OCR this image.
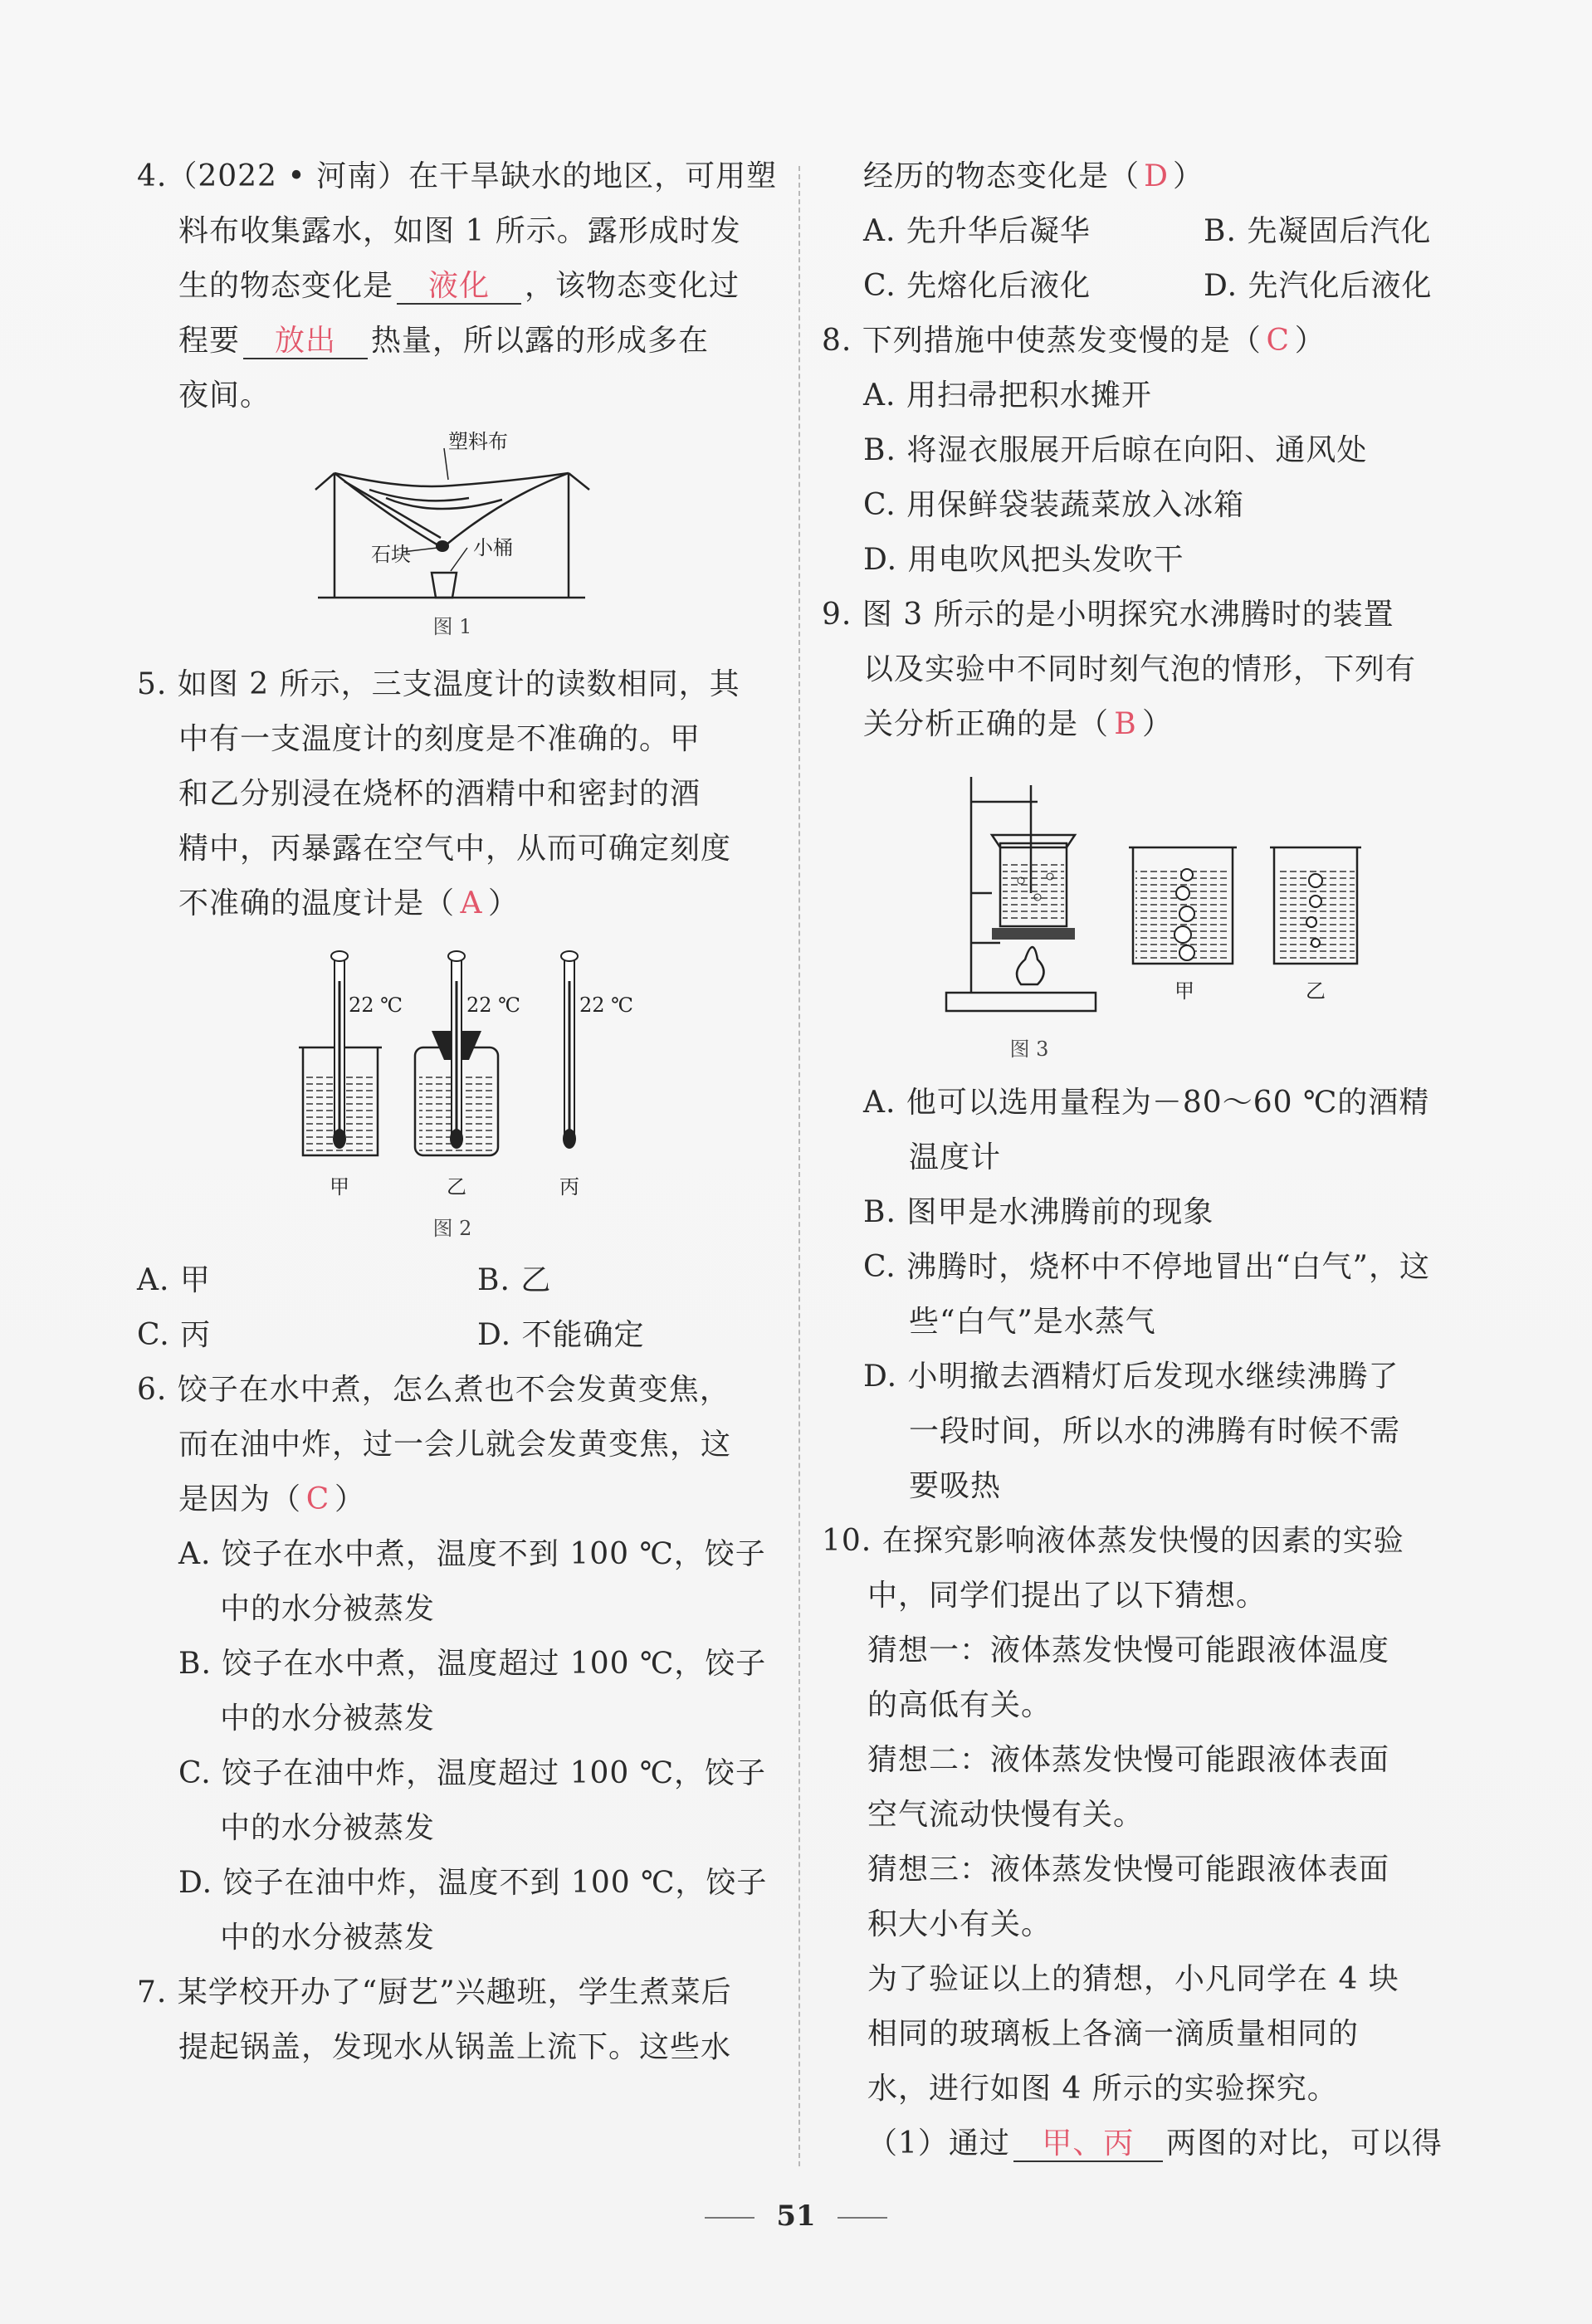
4.（2022 • 河南）在干旱缺水的地区，可用塑
料布收集露水，如图 1 所示。露形成时发
生的物态变化是 液化 ，该物态变化过
程要 放出 热量，所以露的形成多在
夜间。
塑料布
石块	小桶
图 1
5. 如图 2 所示，三支温度计的读数相同，其
中有一支温度计的刻度是不准确的。甲
和乙分别浸在烧杯的酒精中和密封的酒
精中，丙暴露在空气中，从而可确定刻度
不准确的温度计是（ A ）
22 ℃	22 ℃	22 ℃
甲	乙	丙
图 2
A. 甲	B. 乙
C. 丙	D. 不能确定
6. 饺子在水中煮，怎么煮也不会发黄变焦，
而在油中炸，过一会儿就会发黄变焦，这
是因为（ C ）
A. 饺子在水中煮，温度不到 100 ℃，饺子
中的水分被蒸发
B. 饺子在水中煮，温度超过 100 ℃，饺子
中的水分被蒸发
C. 饺子在油中炸，温度超过 100 ℃，饺子
中的水分被蒸发
D. 饺子在油中炸，温度不到 100 ℃，饺子
中的水分被蒸发
7. 某学校开办了“厨艺”兴趣班，学生煮菜后
提起锅盖，发现水从锅盖上流下。这些水
经历的物态变化是（ D ）
A. 先升华后凝华	B. 先凝固后汽化
C. 先熔化后液化	D. 先汽化后液化
8. 下列措施中使蒸发变慢的是（ C ）
A. 用扫帚把积水摊开
B. 将湿衣服展开后晾在向阳、通风处
C. 用保鲜袋装蔬菜放入冰箱
D. 用电吹风把头发吹干
9. 图 3 所示的是小明探究水沸腾时的装置
以及实验中不同时刻气泡的情形，下列有
关分析正确的是（ B ）
甲	乙
图 3
A. 他可以选用量程为－80～60 ℃的酒精
温度计
B. 图甲是水沸腾前的现象
C. 沸腾时，烧杯中不停地冒出“白气”，这
些“白气”是水蒸气
D. 小明撤去酒精灯后发现水继续沸腾了
一段时间，所以水的沸腾有时候不需
要吸热
10. 在探究影响液体蒸发快慢的因素的实验
中，同学们提出了以下猜想。
猜想一：液体蒸发快慢可能跟液体温度
的高低有关。
猜想二：液体蒸发快慢可能跟液体表面
空气流动快慢有关。
猜想三：液体蒸发快慢可能跟液体表面
积大小有关。
为了验证以上的猜想，小凡同学在 4 块
相同的玻璃板上各滴一滴质量相同的
水，进行如图 4 所示的实验探究。
（1）通过 甲、丙 两图的对比，可以得
51
